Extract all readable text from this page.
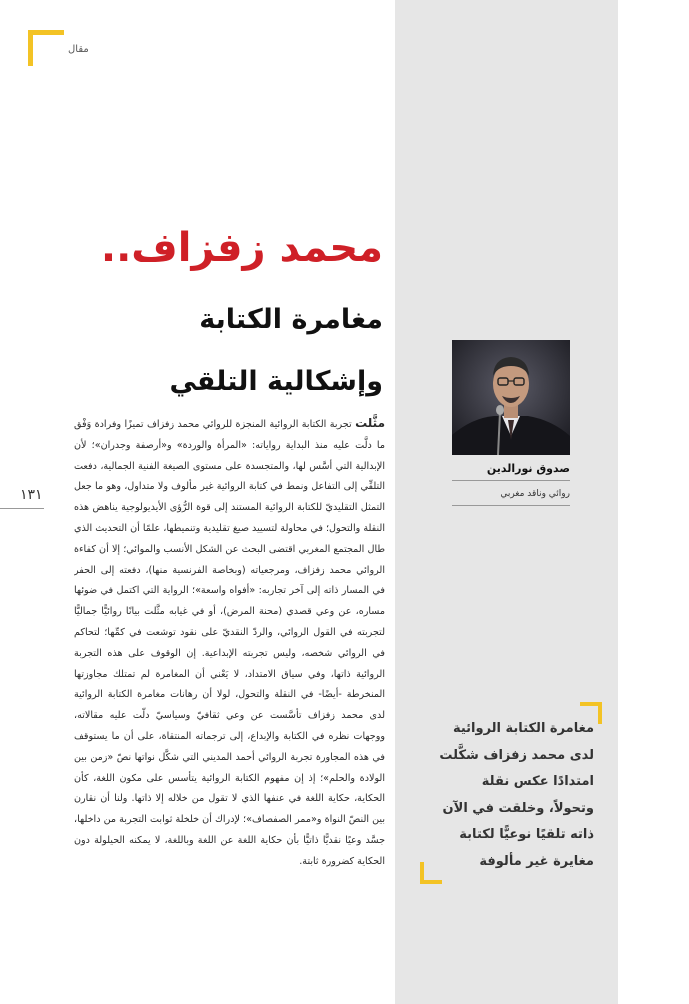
مقال
محمد زفزاف..
مغامرة الكتابة
وإشكالية التلقي
صدوق نورالدين
روائي وناقد مغربي
١٣١
مثَّلت تجربة الكتابة الروائية المنجزة للروائي محمد زفزاف تميزًا وفرادة وَفْق ما دلَّت عليه منذ البداية رواياته: «المرأة والوردة» و«أرصفة وجدران»؛ لأن الإبدالية التي أسَّس لها، والمتجسدة على مستوى الصيغة الفنية الجمالية، دفعت التلقِّي إلى التفاعل ونمط في كتابة الروائية غير مألوف ولا متداول، وهو ما جعل التمثل التقليديّ للكتابة الروائية المستند إلى قوة الرُّؤى الأيديولوجية يناهض هذه النقلة والتحول؛ في محاولة لتسييد صيغ تقليدية وتنميطها، علمًا أن التحديث الذي طال المجتمع المغربي اقتضى البحث عن الشكل الأنسب والموائي؛ إلا أن كفاءة الروائي محمد زفزاف، ومرجعياته (وبخاصة الفرنسية منها)، دفعته إلى الحفر في المسار ذاته إلى آخر تجاربه: «أفواه واسعة»؛ الرواية التي اكتمل في ضوئها مساره، عن وعي قصدي (محنة المرض)، أو في غيابه مثَّلت بيانًا روائيًّا جماليًّا لتجربته في القول الروائي، والردّ النقديّ على نقود توشعت في كمِّها؛ لتحاكم في الروائي شخصه، وليس تجربته الإبداعية. إن الوقوف على هذه التجربة الروائية ذاتها، وفي سياق الامتداد، لا يَعْني أن المغامرة لم تمتلك مجاوزتها المنخرطة -أيضًا- في النقلة والتحول، لولا أن رهانات مغامرة الكتابة الروائية لدى محمد زفزاف تأسَّست عن وعي ثقافيّ وسياسيّ دلّت عليه مقالاته، ووجهات نظره في الكتابة والإبداع، إلى ترجماته المنتقاة، على أن ما يستوقف في هذه المجاورة تجربة الروائي أحمد المديني التي شكَّل نواتها نصّ «زمن بين الولادة والحلم»؛ إذ إن مفهوم الكتابة الروائية يتأسس على مكون اللغة، كأن الحكاية، حكاية اللغة في عنفها الذي لا تقول من خلاله إلا ذاتها. ولنا أن نقارن بين النصّ النواة و«ممر الصفصاف»؛ لإدراك أن خلخلة ثوابت التجربة من داخلها، جسَّد وعيًا نقديًّا ذاتيًّا بأن حكاية اللغة عن اللغة وباللغة، لا يمكنه الحيلولة دون الحكاية كضرورة ثابتة.
مغامرة الكتابة الروائية
لدى محمد زفزاف شكَّلت
امتدادًا عكس نقلة
وتحولاً، وخلقت في الآن
ذاته تلقيًا نوعيًّا لكتابة
مغايرة غير مألوفة
